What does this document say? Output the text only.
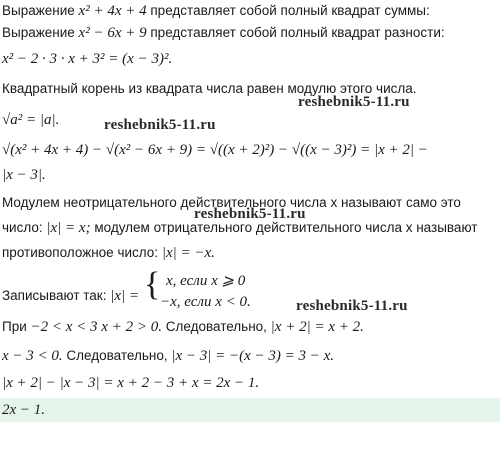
Выражение x² + 4x + 4 представляет собой полный квадрат суммы:
Выражение x² − 6x + 9 представляет собой полный квадрат разности:
x² − 2 · 3 · x + 3² = (x − 3)².
Квадратный корень из квадрата числа равен модулю этого числа.
reshebnik5-11.ru
√a² = |a|.	reshebnik5-11.ru
√(x² + 4x + 4) − √(x² − 6x + 9) = √((x + 2)²) − √((x − 3)²) = |x + 2| −
|x − 3|.
Модулем неотрицательного действительного числа x называют само это
reshebnik5-11.ru
число: |x| = x; модулем отрицательного действительного числа x называют
противоположное число: |x| = −x.
Записывают так: |x| = { x, если x ⩾ 0
−x, если x < 0.	reshebnik5-11.ru
При −2 < x < 3 x + 2 > 0. Следовательно, |x + 2| = x + 2.
x − 3 < 0. Следовательно, |x − 3| = −(x − 3) = 3 − x.
|x + 2| − |x − 3| = x + 2 − 3 + x = 2x − 1.
2x − 1.
